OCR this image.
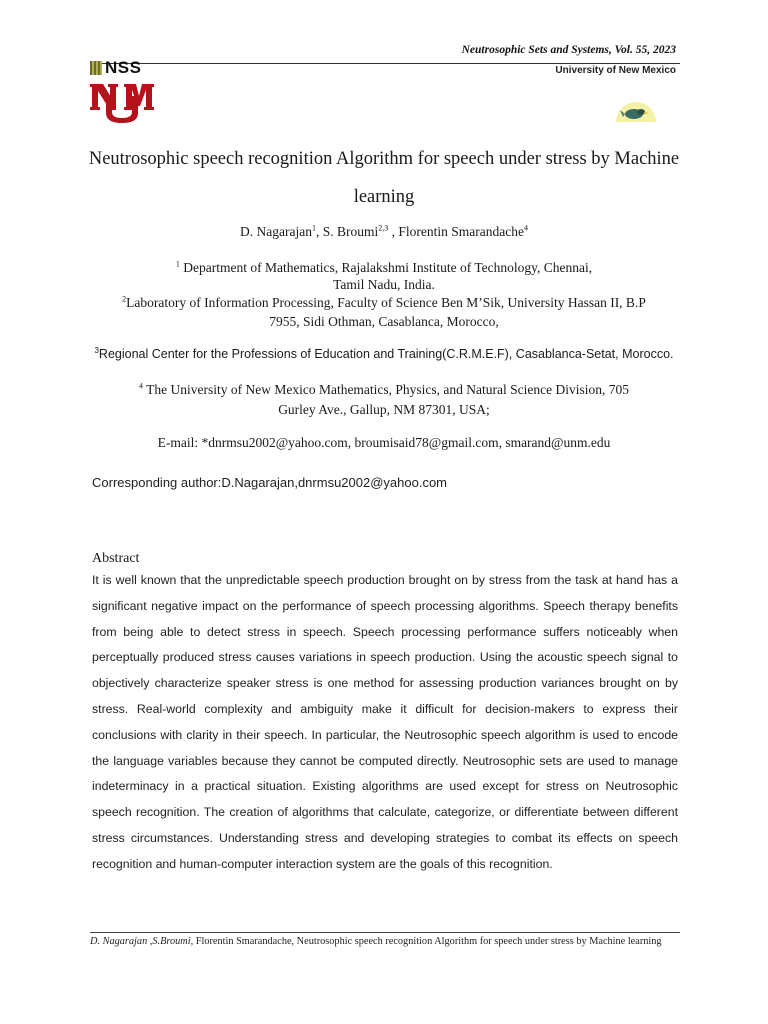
Neutrosophic Sets and Systems, Vol. 55, 2023
University of New Mexico
NSS
Neutrosophic speech recognition Algorithm for speech under stress by Machine learning
D. Nagarajan$^1$, S. Broumi$^{2,3}$ , Florentin Smarandache$^4$
$^1$ Department of Mathematics, Rajalakshmi Institute of Technology, Chennai,
Tamil Nadu, India.
$^2$Laboratory of Information Processing, Faculty of Science Ben M’Sik, University Hassan II, B.P
7955, Sidi Othman, Casablanca, Morocco,
$^3$Regional Center for the Professions of Education and Training(C.R.M.E.F), Casablanca-Setat, Morocco.
$^4$ The University of New Mexico Mathematics, Physics, and Natural Science Division, 705
Gurley Ave., Gallup, NM 87301, USA;
E-mail: *dnrmsu2002@yahoo.com, broumisaid78@gmail.com, smarand@unm.edu
Corresponding author:D.Nagarajan,dnrmsu2002@yahoo.com
Abstract
It is well known that the unpredictable speech production brought on by stress from the task at hand has a significant negative impact on the performance of speech processing algorithms. Speech therapy benefits from being able to detect stress in speech. Speech processing performance suffers noticeably when perceptually produced stress causes variations in speech production. Using the acoustic speech signal to objectively characterize speaker stress is one method for assessing production variances brought on by stress. Real-world complexity and ambiguity make it difficult for decision-makers to express their conclusions with clarity in their speech. In particular, the Neutrosophic speech algorithm is used to encode the language variables because they cannot be computed directly. Neutrosophic sets are used to manage indeterminacy in a practical situation. Existing algorithms are used except for stress on Neutrosophic speech recognition. The creation of algorithms that calculate, categorize, or differentiate between different stress circumstances. Understanding stress and developing strategies to combat its effects on speech recognition and human-computer interaction system are the goals of this recognition.
D. Nagarajan ,S.Broumi, Florentin Smarandache, Neutrosophic speech recognition Algorithm for speech under stress by Machine learning
